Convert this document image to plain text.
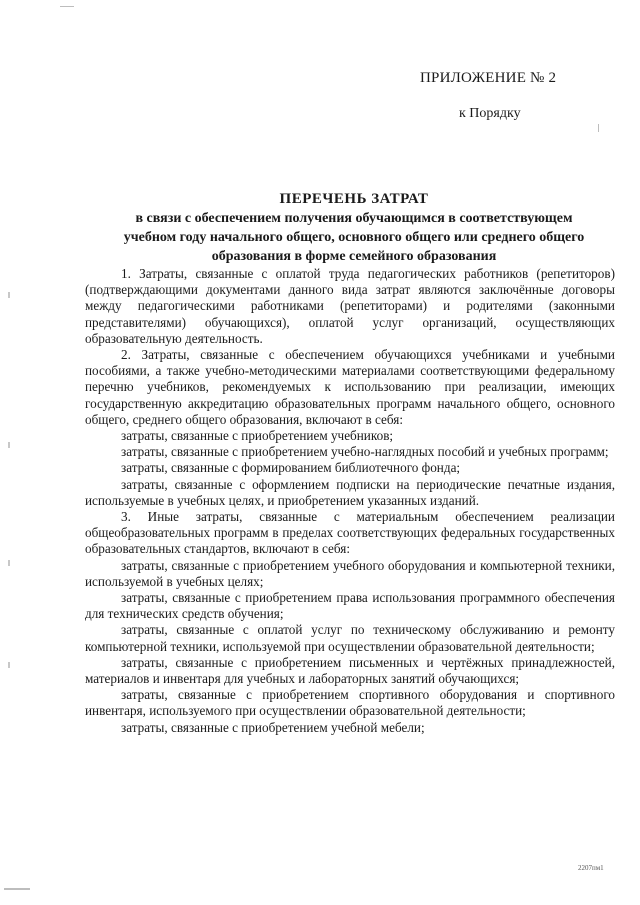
ПРИЛОЖЕНИЕ № 2
к Порядку
ПЕРЕЧЕНЬ ЗАТРАТ
в связи с обеспечением получения обучающимся в соответствующем
учебном году начального общего, основного общего или среднего общего
образования в форме семейного образования

1. Затраты, связанные с оплатой труда педагогических работников (репетиторов) (подтверждающими документами данного вида затрат являются заключённые договоры между педагогическими работниками (репетиторами) и родителями (законными представителями) обучающихся), оплатой услуг организаций, осуществляющих образовательную деятельность.

2. Затраты, связанные с обеспечением обучающихся учебниками и учебными пособиями, а также учебно-методическими материалами соответствующими федеральному перечню учебников, рекомендуемых к использованию при реализации, имеющих государственную аккредитацию образовательных программ начального общего, основного общего, среднего общего образования, включают в себя:

затраты, связанные с приобретением учебников;

затраты, связанные с приобретением учебно-наглядных пособий и учебных программ;

затраты, связанные с формированием библиотечного фонда;

затраты, связанные с оформлением подписки на периодические печатные издания, используемые в учебных целях, и приобретением указанных изданий.

3. Иные затраты, связанные с материальным обеспечением реализации общеобразовательных программ в пределах соответствующих федеральных государственных образовательных стандартов, включают в себя:

затраты, связанные с приобретением учебного оборудования и компьютерной техники, используемой в учебных целях;

затраты, связанные с приобретением права использования программного обеспечения для технических средств обучения;

затраты, связанные с оплатой услуг по техническому обслуживанию и ремонту компьютерной техники, используемой при осуществлении образовательной деятельности;

затраты, связанные с приобретением письменных и чертёжных принадлежностей, материалов и инвентаря для учебных и лабораторных занятий обучающихся;

затраты, связанные с приобретением спортивного оборудования и спортивного инвентаря, используемого при осуществлении образовательной деятельности;

затраты, связанные с приобретением учебной мебели;

2207пм1
